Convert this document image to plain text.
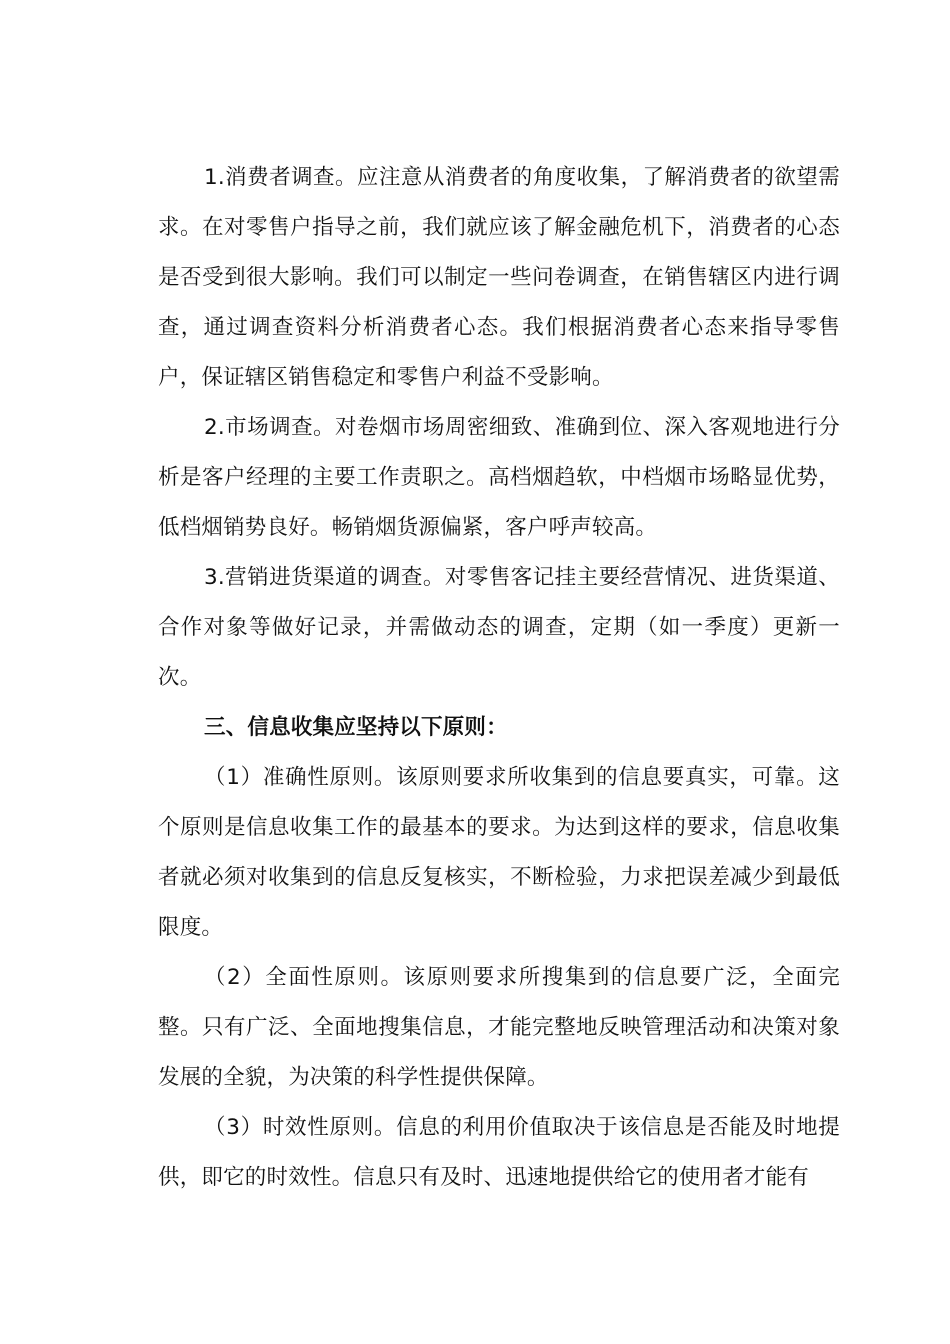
1.消费者调查。应注意从消费者的角度收集，了解消费者的欲望需求。在对零售户指导之前，我们就应该了解金融危机下，消费者的心态是否受到很大影响。我们可以制定一些问卷调查，在销售辖区内进行调查，通过调查资料分析消费者心态。我们根据消费者心态来指导零售户，保证辖区销售稳定和零售户利益不受影响。

2.市场调查。对卷烟市场周密细致、准确到位、深入客观地进行分析是客户经理的主要工作责职之。高档烟趋软，中档烟市场略显优势，低档烟销势良好。畅销烟货源偏紧，客户呼声较高。

3.营销进货渠道的调查。对零售客记挂主要经营情况、进货渠道、合作对象等做好记录，并需做动态的调查，定期（如一季度）更新一次。

三、信息收集应坚持以下原则：

（1）准确性原则。该原则要求所收集到的信息要真实，可靠。这个原则是信息收集工作的最基本的要求。为达到这样的要求，信息收集者就必须对收集到的信息反复核实，不断检验，力求把误差减少到最低限度。

（2）全面性原则。该原则要求所搜集到的信息要广泛，全面完整。只有广泛、全面地搜集信息，才能完整地反映管理活动和决策对象发展的全貌，为决策的科学性提供保障。

（3）时效性原则。信息的利用价值取决于该信息是否能及时地提供，即它的时效性。信息只有及时、迅速地提供给它的使用者才能有
